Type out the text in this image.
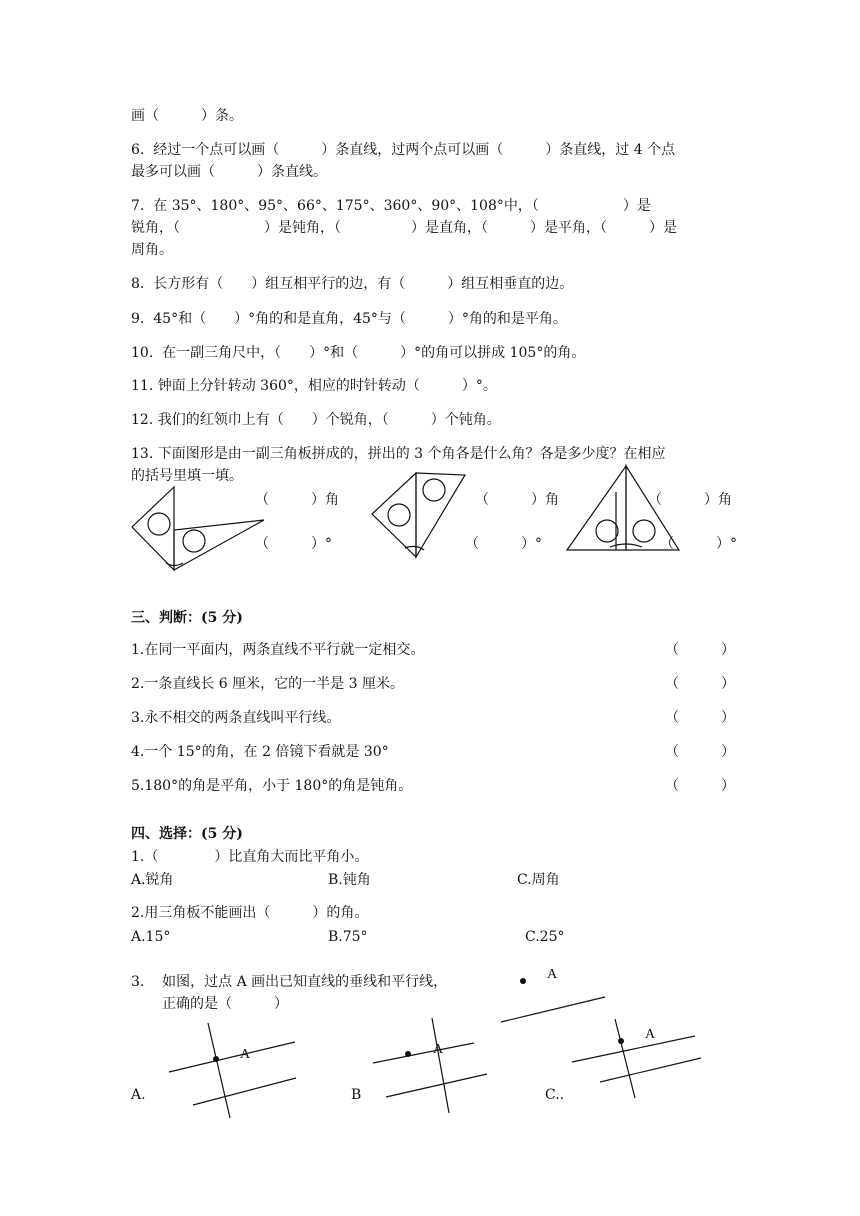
画（　　　）条。
6.  经过一个点可以画（　　　）条直线，过两个点可以画（　　　）条直线，过 4 个点
最多可以画（　　　）条直线。
7.  在 35°、180°、95°、66°、175°、360°、90°、108°中，（　　　　　　）是
锐角，（　　　　　　）是钝角，（　　　　　）是直角，（　　　）是平角，（　　　）是
周角。
8.  长方形有（　　）组互相平行的边，有（　　　）组互相垂直的边。
9.  45°和（　　）°角的和是直角，45°与（　　　）°角的和是平角。
10.  在一副三角尺中，（　　）°和（　　　）°的角可以拼成 105°的角。
11. 钟面上分针转动 360°，相应的时针转动（　　　）°。
12. 我们的红领巾上有（　　）个锐角，（　　　）个钝角。
13. 下面图形是由一副三角板拼成的，拼出的 3 个角各是什么角？各是多少度？在相应
的括号里填一填。
（　　　）角
（　　　）°
（　　　）角
（　　　）°
（　　　）角
（　　　）°
三、判断：(5 分)
1.在同一平面内，两条直线不平行就一定相交。	（　　　）
2.一条直线长 6 厘米，它的一半是 3 厘米。	（　　　）
3.永不相交的两条直线叫平行线。	（　　　）
4.一个 15°的角，在 2 倍镜下看就是 30°	（　　　）
5.180°的角是平角，小于 180°的角是钝角。	（　　　）
四、选择：(5 分)
1.（　　　　）比直角大而比平角小。
A.锐角	B.钝角	C.周角
2.用三角板不能画出（　　　）的角。
A.15°	B.75°	C.25°
3.    如图，过点 A 画出已知直线的垂线和平行线，
正确的是（　　　）
A
A	A
A
A.	B	C..
